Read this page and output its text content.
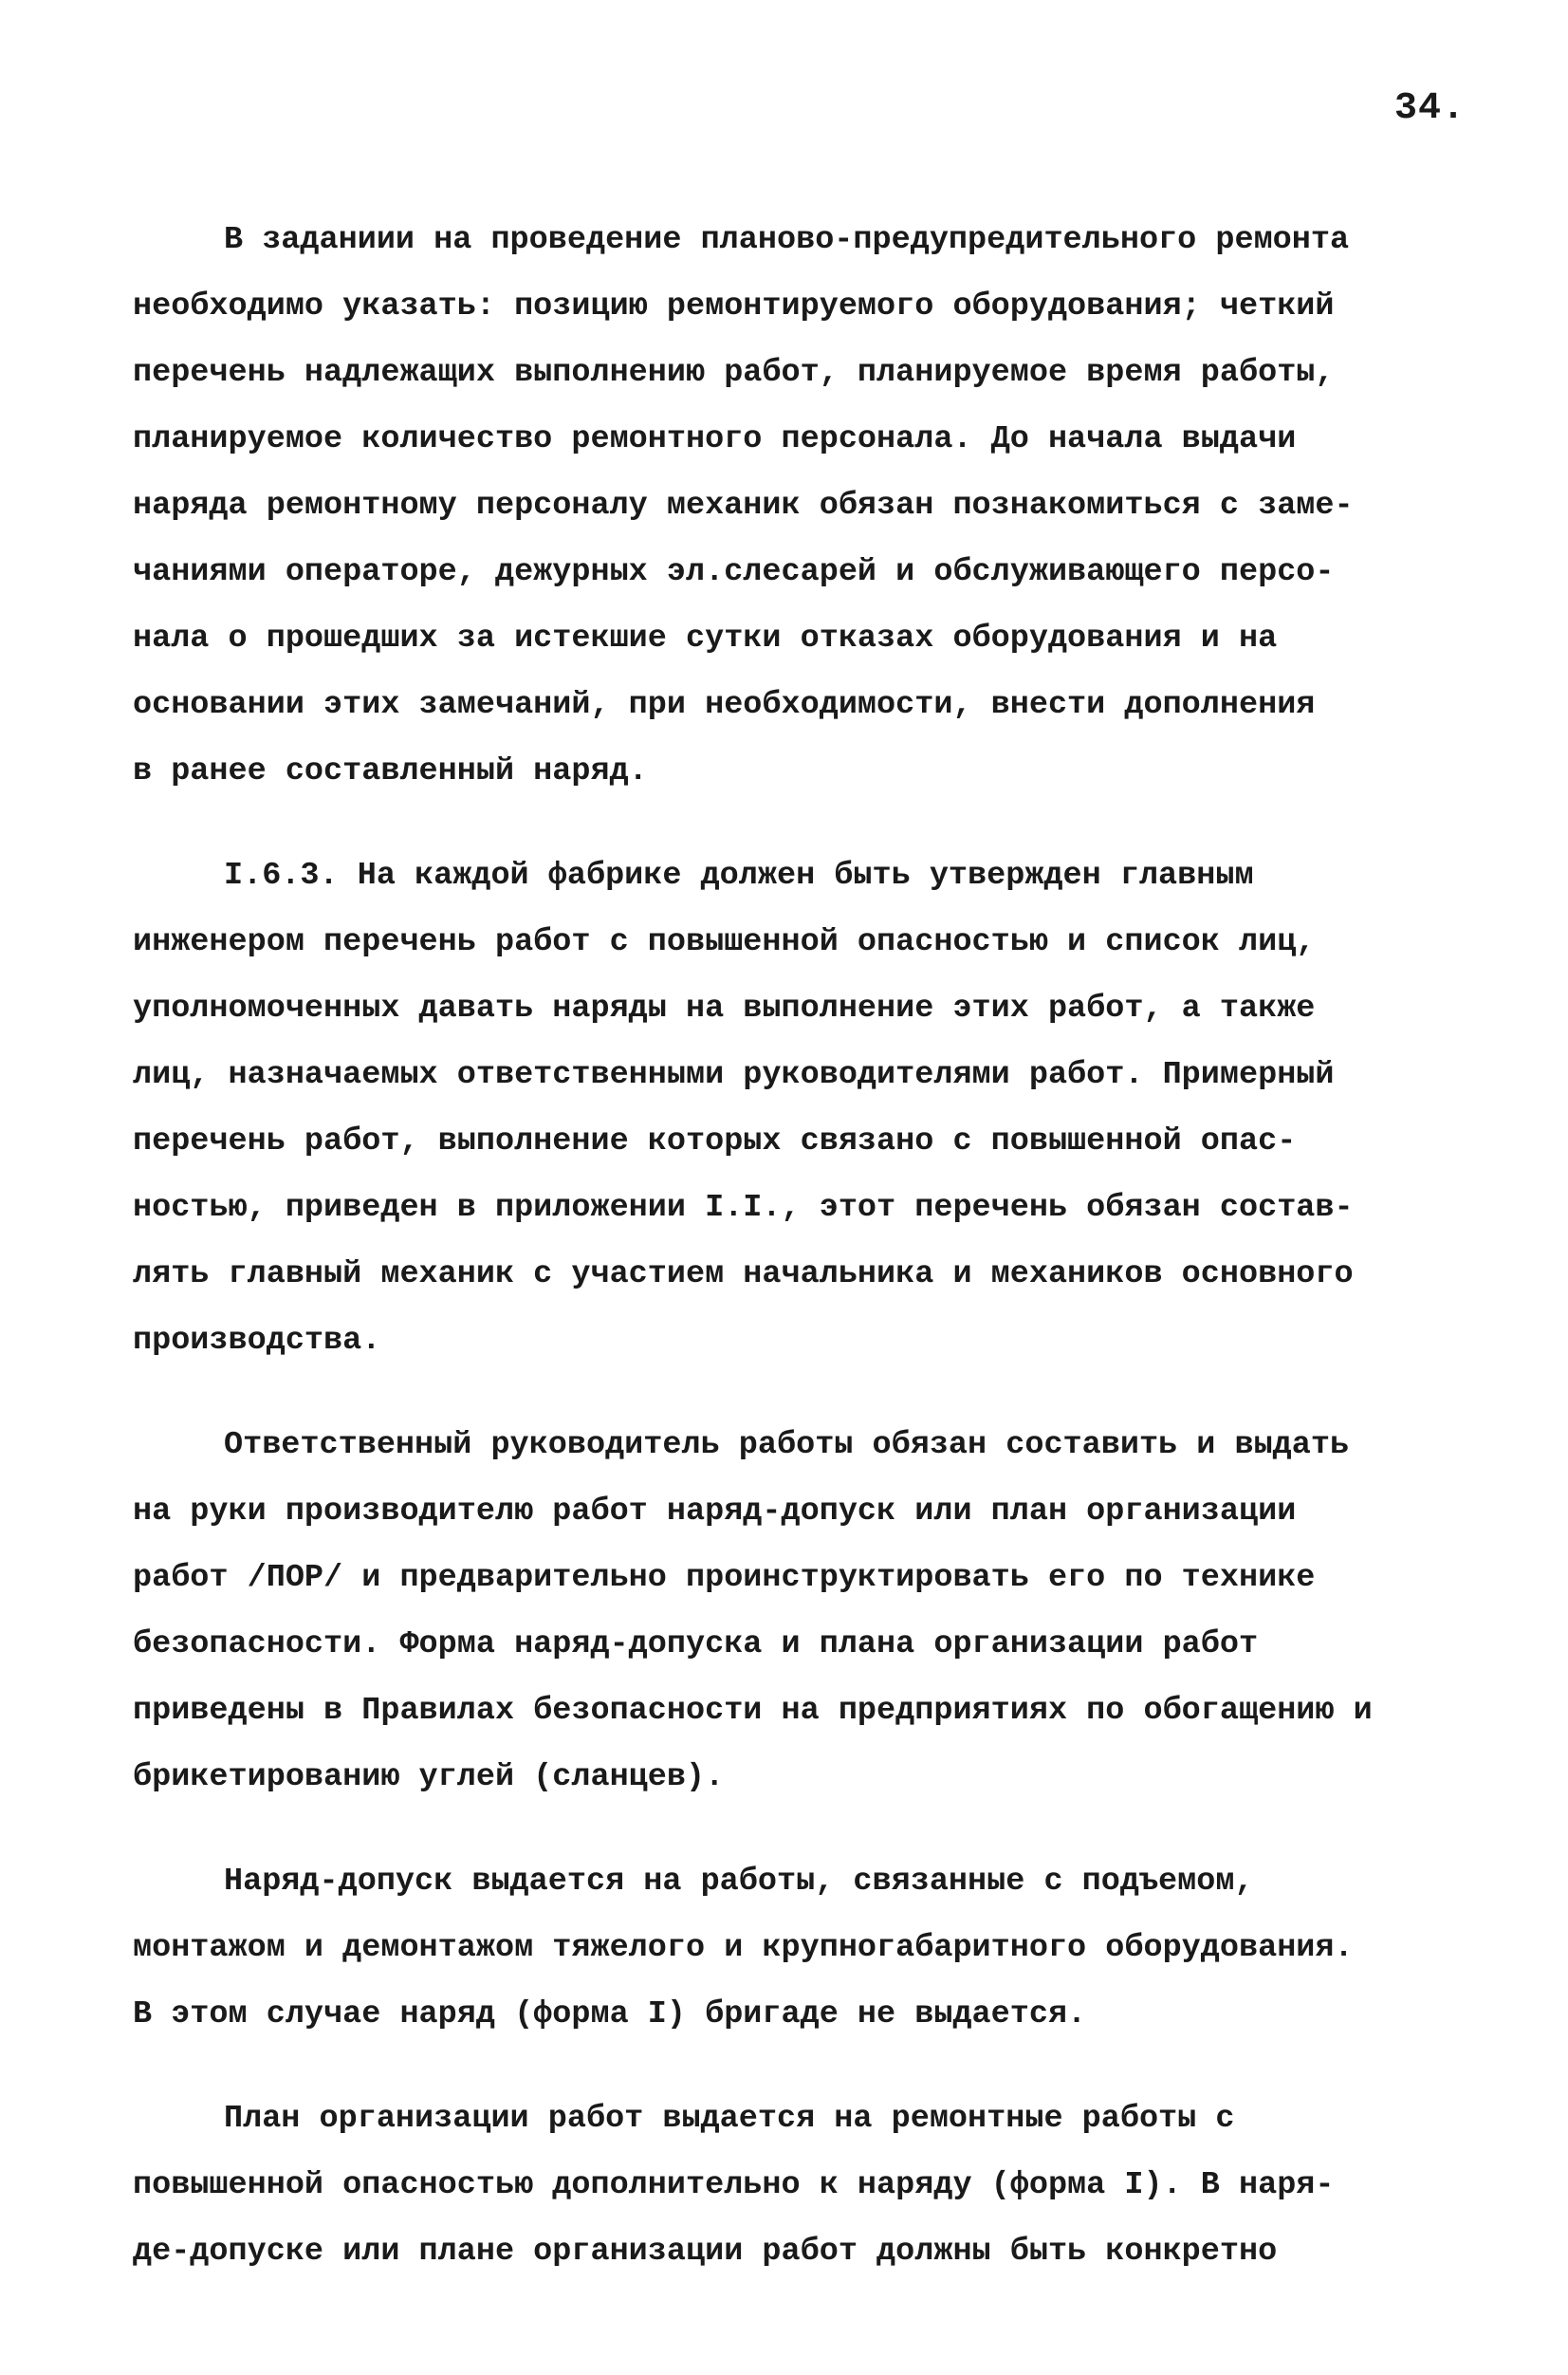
34.

В заданиии на проведение планово-предупредительного ремонта
необходимо указать: позицию ремонтируемого оборудования; четкий
перечень надлежащих выполнению работ, планируемое время работы,
планируемое количество ремонтного персонала. До начала выдачи
наряда ремонтному персоналу механик обязан познакомиться с заме-
чаниями операторе, дежурных эл.слесарей и обслуживающего персо-
нала о прошедших за истекшие сутки отказах оборудования и на
основании этих замечаний, при необходимости, внести дополнения
в ранее составленный наряд.

I.6.3. На каждой фабрике должен быть утвержден главным
инженером перечень работ с повышенной опасностью и список лиц,
уполномоченных давать наряды на выполнение этих работ, а также
лиц, назначаемых ответственными руководителями работ. Примерный
перечень работ, выполнение которых связано с повышенной опас-
ностью, приведен в приложении I.I., этот перечень обязан состав-
лять главный механик с участием начальника и механиков основного
производства.

Ответственный руководитель работы обязан составить и выдать
на руки производителю работ наряд-допуск или план организации
работ /ПОР/ и предварительно проинструктировать его по технике
безопасности. Форма наряд-допуска и плана организации работ
приведены в Правилах безопасности на предприятиях по обогащению и
брикетированию углей (сланцев).

Наряд-допуск выдается на работы, связанные с подъемом,
монтажом и демонтажом тяжелого и крупногабаритного оборудования.
В этом случае наряд (форма I) бригаде не выдается.

План организации работ выдается на ремонтные работы с
повышенной опасностью дополнительно к наряду (форма I). В наря-
де-допуске или плане организации работ должны быть конкретно
